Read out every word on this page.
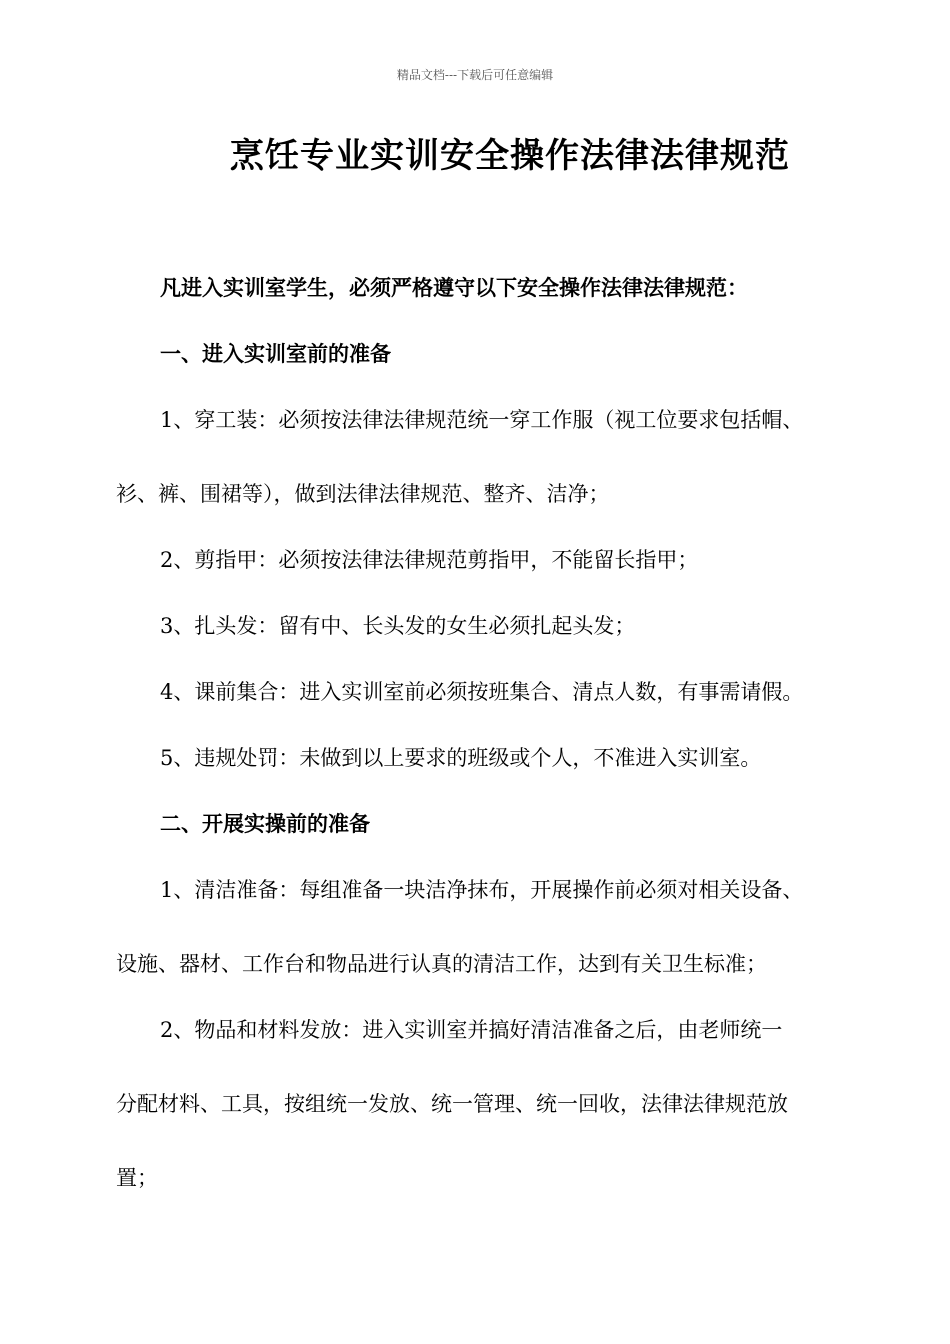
精品文档---下载后可任意编辑
烹饪专业实训安全操作法律法律规范
凡进入实训室学生，必须严格遵守以下安全操作法律法律规范：
一、进入实训室前的准备
1、穿工装：必须按法律法律规范统一穿工作服（视工位要求包括帽、
衫、裤、围裙等），做到法律法律规范、整齐、洁净；
2、剪指甲：必须按法律法律规范剪指甲，不能留长指甲；
3、扎头发：留有中、长头发的女生必须扎起头发；
4、课前集合：进入实训室前必须按班集合、清点人数，有事需请假。
5、违规处罚：未做到以上要求的班级或个人，不准进入实训室。
二、开展实操前的准备
1、清洁准备：每组准备一块洁净抹布，开展操作前必须对相关设备、
设施、器材、工作台和物品进行认真的清洁工作，达到有关卫生标准；
2、物品和材料发放：进入实训室并搞好清洁准备之后，由老师统一
分配材料、工具，按组统一发放、统一管理、统一回收，法律法律规范放
置；
